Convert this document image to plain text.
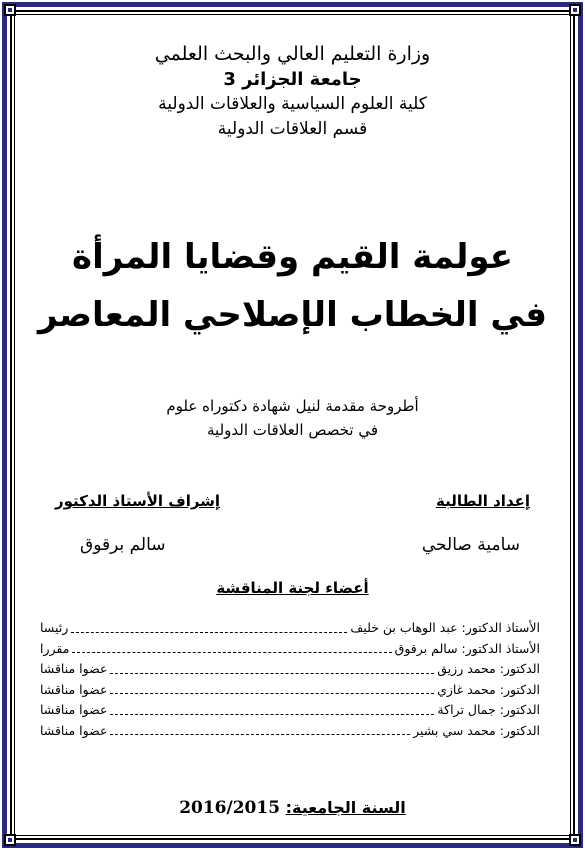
وزارة التعليم العالي والبحث العلمي
جامعة الجزائر 3
كلية العلوم السياسية والعلاقات الدولية
قسم العلاقات الدولية
عولمة القيم وقضايا المرأة
في الخطاب الإصلاحي المعاصر
أطروحة مقدمة لنيل شهادة دكتوراه علوم
في تخصص العلاقات الدولية
إعداد الطالبة
إشراف الأستاذ الدكتور
سامية صالحي
سالم برقوق
أعضاء لجنة المناقشة
الأستاذ الدكتور: عبد الوهاب بن خليف
رئيسا
الأستاذ الدكتور: سالم برقوق
مقررا
الدكتور: محمد رزيق
عضوا مناقشا
الدكتور: محمد غازي
عضوا مناقشا
الدكتور: جمال تراكة
عضوا مناقشا
الدكتور: محمد سي بشير
عضوا مناقشا
السنة الجامعية: 2016/2015
